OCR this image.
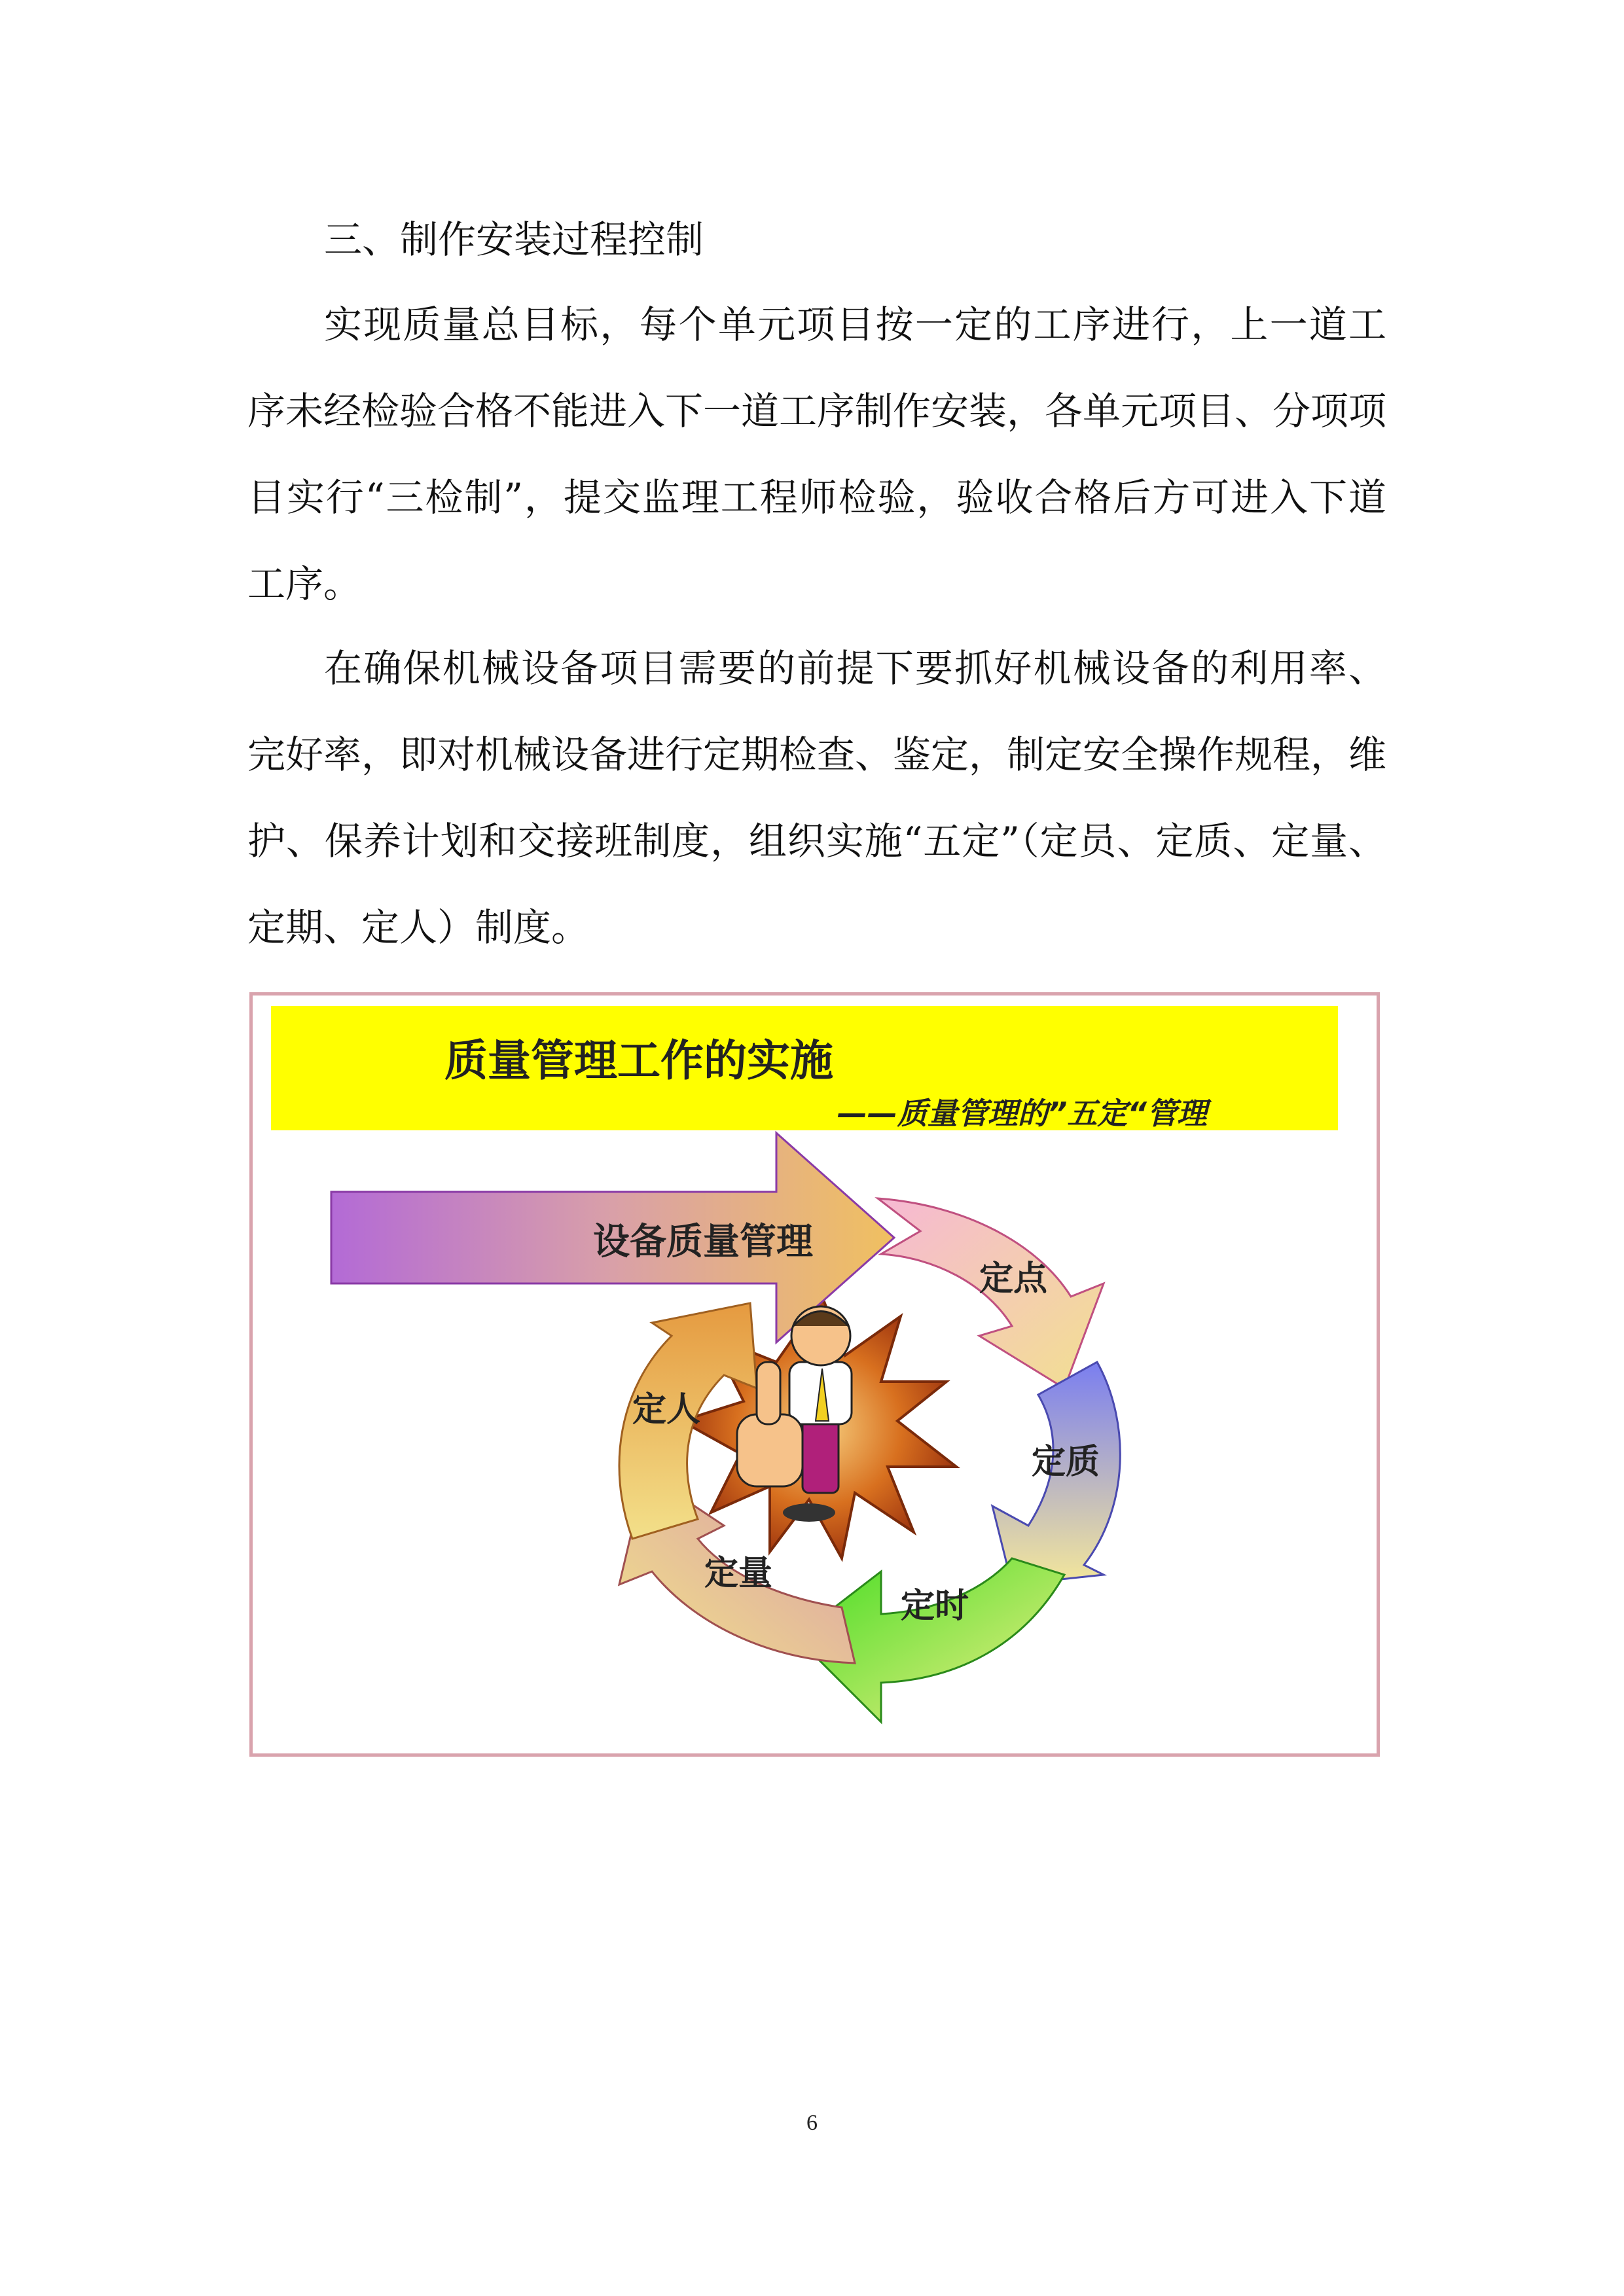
三、制作安装过程控制

实现质量总目标，每个单元项目按一定的工序进行，上一道工序未经检验合格不能进入下一道工序制作安装，各单元项目、分项项目实行“三检制”，提交监理工程师检验，验收合格后方可进入下道工序。

在确保机械设备项目需要的前提下要抓好机械设备的利用率、完好率，即对机械设备进行定期检查、鉴定，制定安全操作规程，维护、保养计划和交接班制度，组织实施“五定”（定员、定质、定量、定期、定人）制度。

质量管理工作的实施
——质量管理的”五定“管理
设备质量管理
定点
定质
定时
定量
定人
6
